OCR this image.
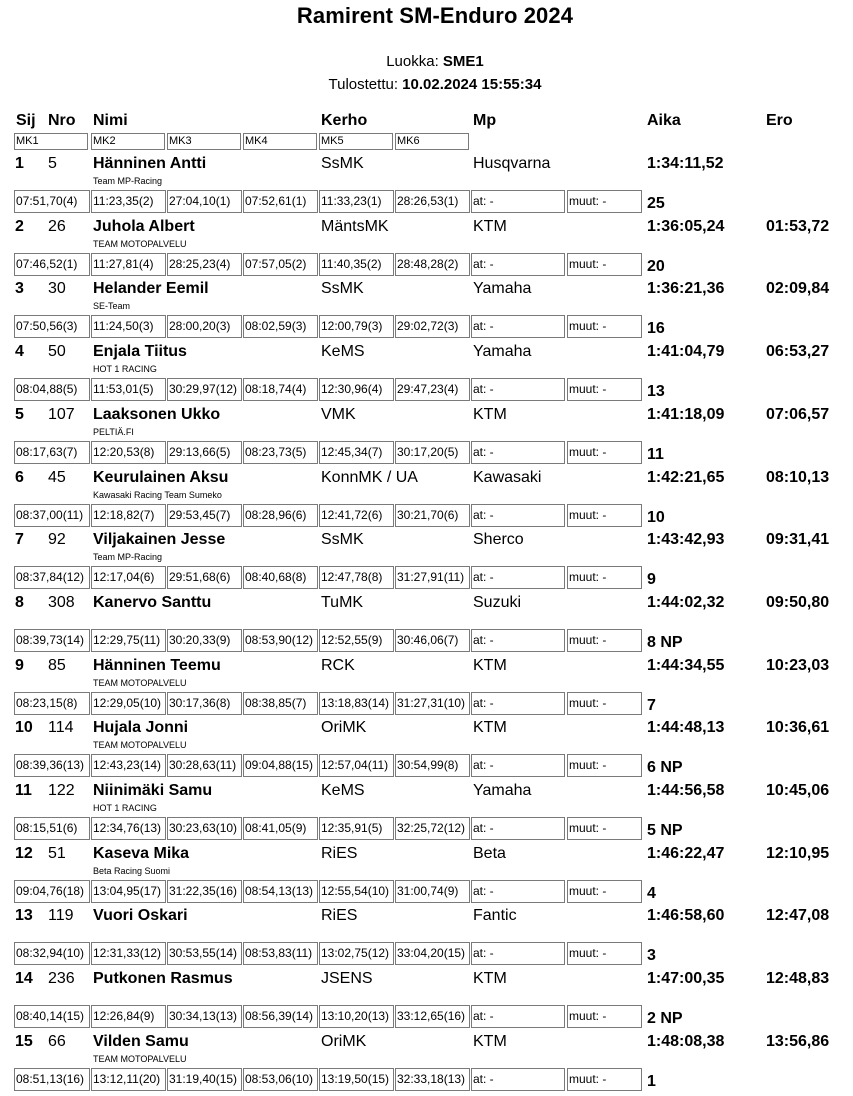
Ramirent SM-Enduro 2024
Luokka: SME1
Tulostettu: 10.02.2024 15:55:34
Sij Nro Nimi	Kerho	Mp	Aika	Ero
MK1	MK2	MK3	MK4	MK5	MK6
1 5 Hänninen Antti	SsMK	Husqvarna	1:34:11,52
Team MP-Racing
07:51,70(4)	11:23,35(2)	27:04,10(1)	07:52,61(1)	11:33,23(1)	28:26,53(1)	at: -	muut: -	25
2 26 Juhola Albert	MäntsMK	KTM	1:36:05,24	01:53,72
TEAM MOTOPALVELU
07:46,52(1)	11:27,81(4)	28:25,23(4)	07:57,05(2)	11:40,35(2)	28:48,28(2)	at: -	muut: -	20
3 30 Helander Eemil	SsMK	Yamaha	1:36:21,36	02:09,84
SE-Team
07:50,56(3)	11:24,50(3)	28:00,20(3)	08:02,59(3)	12:00,79(3)	29:02,72(3)	at: -	muut: -	16
4 50 Enjala Tiitus	KeMS	Yamaha	1:41:04,79	06:53,27
HOT 1 RACING
08:04,88(5)	11:53,01(5)	30:29,97(12) 08:18,74(4)	12:30,96(4)	29:47,23(4)	at: -	muut: -	13
5 107 Laaksonen Ukko	VMK	KTM	1:41:18,09	07:06,57
PELTIÄ.FI
08:17,63(7)	12:20,53(8)	29:13,66(5)	08:23,73(5)	12:45,34(7)	30:17,20(5)	at: -	muut: -	11
6 45 Keurulainen Aksu	KonnMK / UA	Kawasaki	1:42:21,65	08:10,13
Kawasaki Racing Team Sumeko
08:37,00(11) 12:18,82(7)	29:53,45(7)	08:28,96(6)	12:41,72(6)	30:21,70(6)	at: -	muut: -	10
7 92 Viljakainen Jesse	SsMK	Sherco	1:43:42,93	09:31,41
Team MP-Racing
08:37,84(12) 12:17,04(6)	29:51,68(6)	08:40,68(8)	12:47,78(8)	31:27,91(11) at: -	muut: -	9
8 308 Kanervo Santtu	TuMK	Suzuki	1:44:02,32	09:50,80
08:39,73(14) 12:29,75(11) 30:20,33(9)	08:53,90(12) 12:52,55(9)	30:46,06(7)	at: -	muut: -	8 NP
9 85 Hänninen Teemu	RCK	KTM	1:44:34,55	10:23,03
TEAM MOTOPALVELU
08:23,15(8)	12:29,05(10) 30:17,36(8)	08:38,85(7)	13:18,83(14) 31:27,31(10) at: -	muut: -	7
10 114 Hujala Jonni	OriMK	KTM	1:44:48,13	10:36,61
TEAM MOTOPALVELU
08:39,36(13) 12:43,23(14) 30:28,63(11) 09:04,88(15) 12:57,04(11) 30:54,99(8)	at: -	muut: -	6 NP
11 122 Niinimäki Samu	KeMS	Yamaha	1:44:56,58	10:45,06
HOT 1 RACING
08:15,51(6)	12:34,76(13) 30:23,63(10) 08:41,05(9)	12:35,91(5)	32:25,72(12) at: -	muut: -	5 NP
12 51 Kaseva Mika	RiES	Beta	1:46:22,47	12:10,95
Beta Racing Suomi
09:04,76(18) 13:04,95(17) 31:22,35(16) 08:54,13(13) 12:55,54(10) 31:00,74(9)	at: -	muut: -	4
13 119 Vuori Oskari	RiES	Fantic	1:46:58,60	12:47,08
08:32,94(10) 12:31,33(12) 30:53,55(14) 08:53,83(11) 13:02,75(12) 33:04,20(15) at: -	muut: -	3
14 236 Putkonen Rasmus	JSENS	KTM	1:47:00,35	12:48,83
08:40,14(15) 12:26,84(9)	30:34,13(13) 08:56,39(14) 13:10,20(13) 33:12,65(16) at: -	muut: -	2 NP
15 66 Vilden Samu	OriMK	KTM	1:48:08,38	13:56,86
TEAM MOTOPALVELU
08:51,13(16) 13:12,11(20) 31:19,40(15) 08:53,06(10) 13:19,50(15) 32:33,18(13) at: -	muut: -	1
